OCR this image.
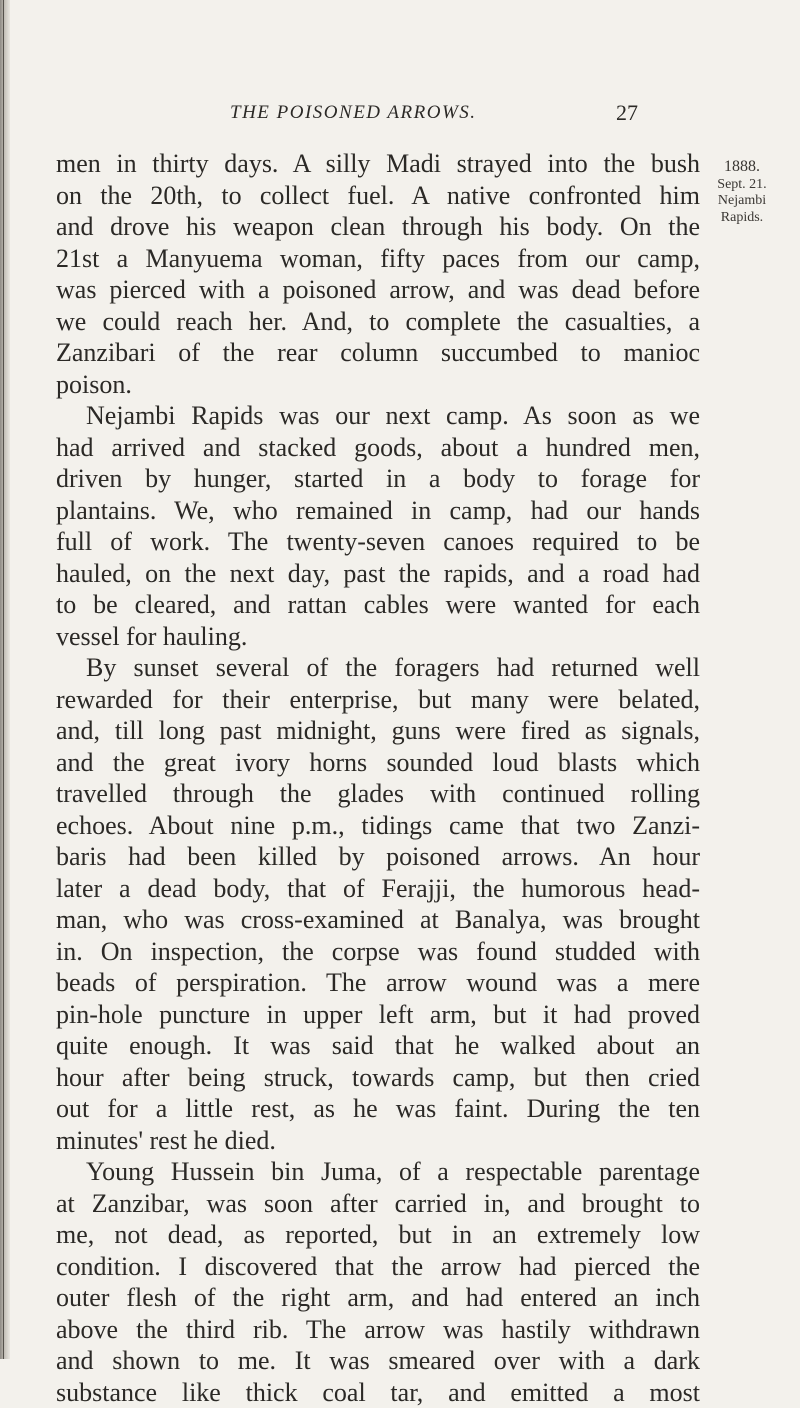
THE POISONED ARROWS.	27
1888.
Sept. 21.
Nejambi
Rapids.
men in thirty days. A silly Madi strayed into the bush
on the 20th, to collect fuel. A native confronted him
and drove his weapon clean through his body. On the
21st a Manyuema woman, fifty paces from our camp,
was pierced with a poisoned arrow, and was dead before
we could reach her. And, to complete the casualties, a
Zanzibari of the rear column succumbed to manioc
poison.
Nejambi Rapids was our next camp. As soon as we
had arrived and stacked goods, about a hundred men,
driven by hunger, started in a body to forage for
plantains. We, who remained in camp, had our hands
full of work. The twenty-seven canoes required to be
hauled, on the next day, past the rapids, and a road had
to be cleared, and rattan cables were wanted for each
vessel for hauling.
By sunset several of the foragers had returned well
rewarded for their enterprise, but many were belated,
and, till long past midnight, guns were fired as signals,
and the great ivory horns sounded loud blasts which
travelled through the glades with continued rolling
echoes. About nine p.m., tidings came that two Zanzi-
baris had been killed by poisoned arrows. An hour
later a dead body, that of Ferajji, the humorous head-
man, who was cross-examined at Banalya, was brought
in. On inspection, the corpse was found studded with
beads of perspiration. The arrow wound was a mere
pin-hole puncture in upper left arm, but it had proved
quite enough. It was said that he walked about an
hour after being struck, towards camp, but then cried
out for a little rest, as he was faint. During the ten
minutes' rest he died.
Young Hussein bin Juma, of a respectable parentage
at Zanzibar, was soon after carried in, and brought to
me, not dead, as reported, but in an extremely low
condition. I discovered that the arrow had pierced the
outer flesh of the right arm, and had entered an inch
above the third rib. The arrow was hastily withdrawn
and shown to me. It was smeared over with a dark
substance like thick coal tar, and emitted a most
